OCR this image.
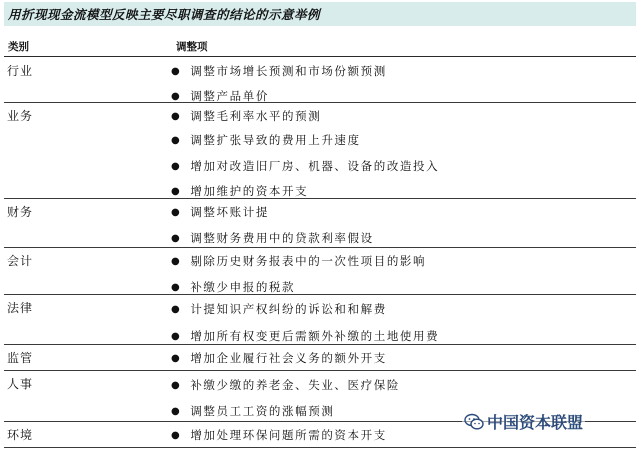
用折现现金流模型反映主要尽职调查的结论的示意举例
类别	调整项
行业	● 调整市场增长预测和市场份额预测
● 调整产品单价
业务	● 调整毛利率水平的预测
● 调整扩张导致的费用上升速度
● 增加对改造旧厂房、机器、设备的改造投入
● 增加维护的资本开支
财务	● 调整坏账计提
● 调整财务费用中的贷款利率假设
会计	● 剔除历史财务报表中的一次性项目的影响
● 补缴少申报的税款
法律	● 计提知识产权纠纷的诉讼和和解费
● 增加所有权变更后需额外补缴的土地使用费
监管	● 增加企业履行社会义务的额外开支
人事	● 补缴少缴的养老金、失业、医疗保险
● 调整员工工资的涨幅预测
环境	● 增加处理环保问题所需的资本开支
中国资本联盟
